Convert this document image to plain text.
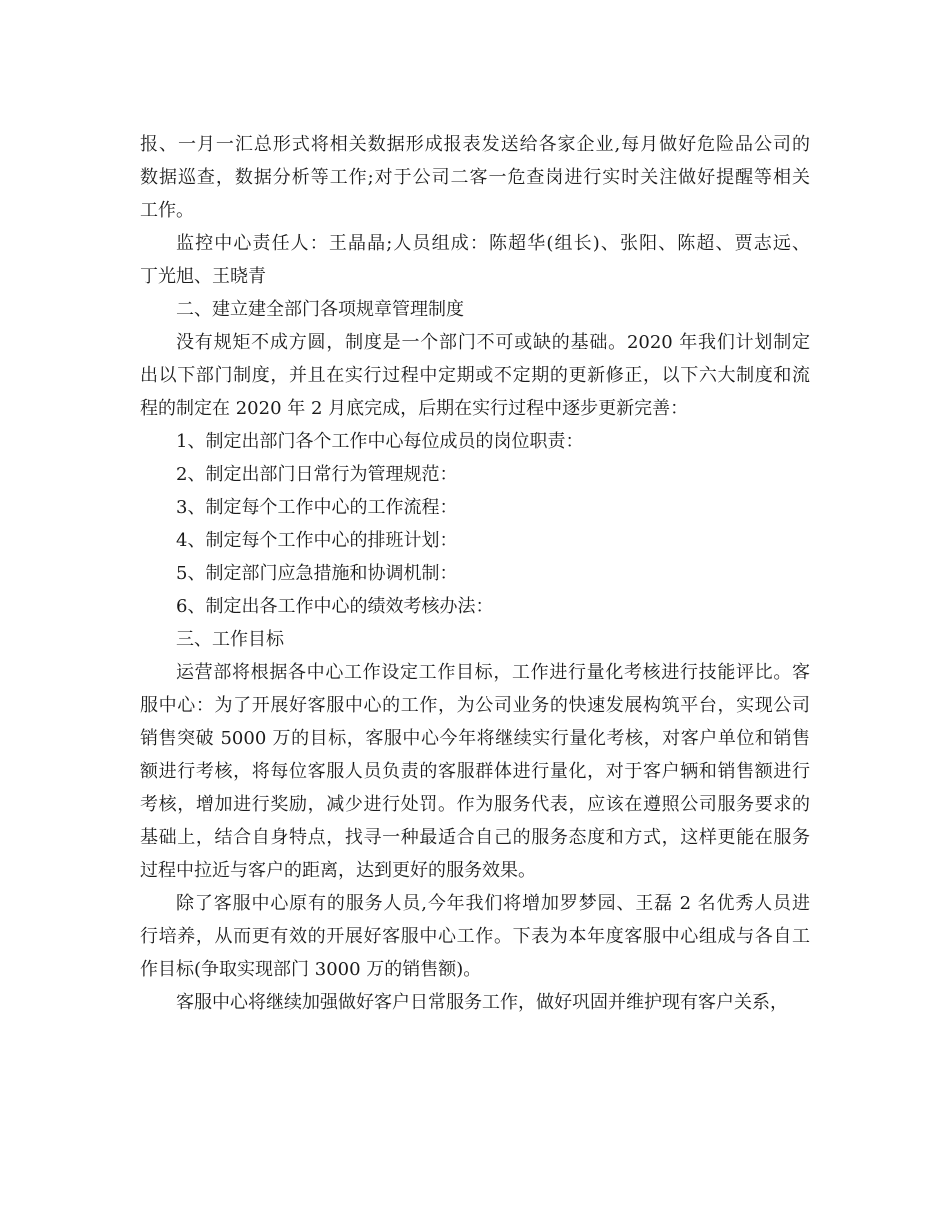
报、一月一汇总形式将相关数据形成报表发送给各家企业,每月做好危险品公司的
数据巡查，数据分析等工作;对于公司二客一危查岗进行实时关注做好提醒等相关
工作。
监控中心责任人：王晶晶;人员组成：陈超华(组长)、张阳、陈超、贾志远、
丁光旭、王晓青
二、建立建全部门各项规章管理制度
没有规矩不成方圆，制度是一个部门不可或缺的基础。2020 年我们计划制定
出以下部门制度，并且在实行过程中定期或不定期的更新修正，以下六大制度和流
程的制定在 2020 年 2 月底完成，后期在实行过程中逐步更新完善：
1、制定出部门各个工作中心每位成员的岗位职责：
2、制定出部门日常行为管理规范：
3、制定每个工作中心的工作流程：
4、制定每个工作中心的排班计划：
5、制定部门应急措施和协调机制：
6、制定出各工作中心的绩效考核办法：
三、工作目标
运营部将根据各中心工作设定工作目标，工作进行量化考核进行技能评比。客
服中心：为了开展好客服中心的工作，为公司业务的快速发展构筑平台，实现公司
销售突破 5000 万的目标，客服中心今年将继续实行量化考核，对客户单位和销售
额进行考核，将每位客服人员负责的客服群体进行量化，对于客户辆和销售额进行
考核，增加进行奖励，减少进行处罚。作为服务代表，应该在遵照公司服务要求的
基础上，结合自身特点，找寻一种最适合自己的服务态度和方式，这样更能在服务
过程中拉近与客户的距离，达到更好的服务效果。
除了客服中心原有的服务人员,今年我们将增加罗梦园、王磊 2 名优秀人员进
行培养，从而更有效的开展好客服中心工作。下表为本年度客服中心组成与各自工
作目标(争取实现部门 3000 万的销售额)。
客服中心将继续加强做好客户日常服务工作，做好巩固并维护现有客户关系，
